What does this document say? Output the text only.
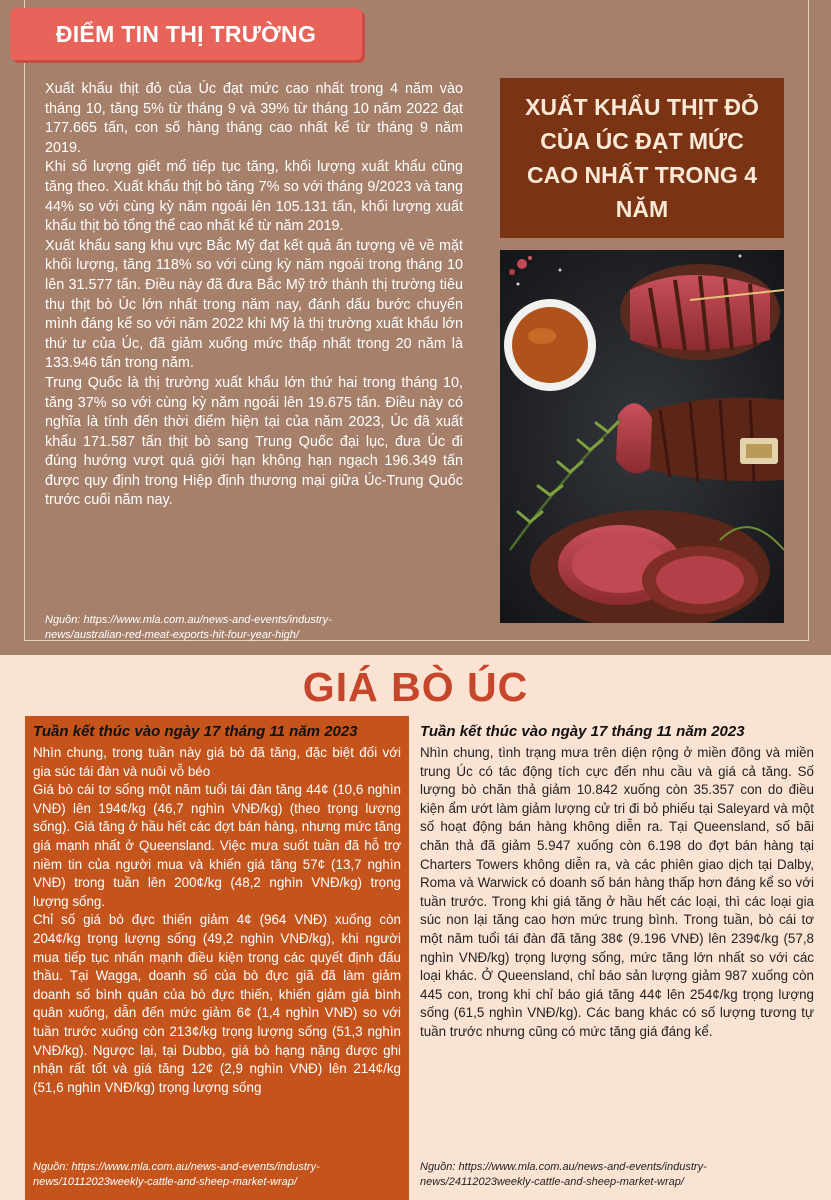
ĐIỂM TIN THỊ TRƯỜNG

Xuất khẩu thịt đỏ của Úc đạt mức cao nhất trong 4 năm vào tháng 10, tăng 5% từ tháng 9 và 39% từ tháng 10 năm 2022 đạt 177.665 tấn, con số hàng tháng cao nhất kể từ tháng 9 năm 2019.

Khi số lượng giết mổ tiếp tục tăng, khối lượng xuất khẩu cũng tăng theo. Xuất khẩu thịt bò tăng 7% so với tháng 9/2023 và tang 44% so với cùng kỳ năm ngoái lên 105.131 tấn, khối lượng xuất khẩu thịt bò tổng thể cao nhất kể từ năm 2019.

Xuất khẩu sang khu vực Bắc Mỹ đạt kết quả ấn tượng về về mặt khối lượng, tăng 118% so với cùng kỳ năm ngoái trong tháng 10 lên 31.577 tấn. Điều này đã đưa Bắc Mỹ trở thành thị trường tiêu thụ thịt bò Úc lớn nhất trong năm nay, đánh dấu bước chuyển mình đáng kể so với năm 2022 khi Mỹ là thị trường xuất khẩu lớn thứ tư của Úc, đã giảm xuống mức thấp nhất trong 20 năm là 133.946 tấn trong năm.

Trung Quốc là thị trường xuất khẩu lớn thứ hai trong tháng 10, tăng 37% so với cùng kỳ năm ngoái lên 19.675 tấn. Điều này có nghĩa là tính đến thời điểm hiện tại của năm 2023, Úc đã xuất khẩu 171.587 tấn thịt bò sang Trung Quốc đại lục, đưa Úc đi đúng hướng vượt quá giới hạn không hạn ngạch 196.349 tấn được quy định trong Hiệp định thương mại giữa Úc-Trung Quốc trước cuối năm nay.

Nguồn: https://www.mla.com.au/news-and-events/industry-
news/australian-red-meat-exports-hit-four-year-high/
XUẤT KHẨU THỊT ĐỎ CỦA ÚC ĐẠT MỨC CAO NHẤT TRONG 4 NĂM
GIÁ BÒ ÚC
Tuần kết thúc vào ngày 17 tháng 11 năm 2023

Nhìn chung, trong tuần này giá bò đã tăng, đặc biệt đối với gia súc tái đàn và nuôi vỗ béo

Giá bò cái tơ sống một năm tuổi tái đàn tăng 44¢ (10,6 nghìn VNĐ) lên 194¢/kg (46,7 nghìn VNĐ/kg) (theo trọng lượng sống). Giá tăng ở hầu hết các đợt bán hàng, nhưng mức tăng giá mạnh nhất ở Queensland. Việc mưa suốt tuần đã hỗ trợ niềm tin của người mua và khiến giá tăng 57¢ (13,7 nghìn VNĐ) trong tuần lên 200¢/kg (48,2 nghìn VNĐ/kg) trọng lượng sống.

Chỉ số giá bò đực thiến giảm 4¢ (964 VNĐ) xuống còn 204¢/kg trọng lượng sống (49,2 nghìn VNĐ/kg), khi người mua tiếp tục nhấn mạnh điều kiện trong các quyết định đấu thầu. Tại Wagga, doanh số của bò đực giã đã làm giảm doanh số bình quân của bò đực thiến, khiến giảm giá bình quân xuống, dẫn đến mức giảm 6¢ (1,4 nghìn VNĐ) so với tuần trước xuống còn 213¢/kg trọng lượng sống (51,3 nghìn VNĐ/kg). Ngược lại, tại Dubbo, giá bò hạng nặng được ghi nhận rất tốt và giá tăng 12¢ (2,9 nghìn VNĐ) lên 214¢/kg (51,6 nghìn VNĐ/kg) trọng lượng sống

Nguồn: https://www.mla.com.au/news-and-events/industry-
news/10112023weekly-cattle-and-sheep-market-wrap/
Tuần kết thúc vào ngày 17 tháng 11 năm 2023

Nhìn chung, tình trạng mưa trên diện rộng ở miền đông và miền trung Úc có tác động tích cực đến nhu cầu và giá cả tăng. Số lượng bò chăn thả giảm 10.842 xuống còn 35.357 con do điều kiện ẩm ướt làm giảm lượng cử tri đi bỏ phiếu tại Saleyard và một số hoạt động bán hàng không diễn ra. Tại Queensland, số bãi chăn thả đã giảm 5.947 xuống còn 6.198 do đợt bán hàng tại Charters Towers không diễn ra, và các phiên giao dịch tại Dalby, Roma và Warwick có doanh số bán hàng thấp hơn đáng kể so với tuần trước. Trong khi giá tăng ở hầu hết các loại, thì các loại gia súc non lại tăng cao hơn mức trung bình. Trong tuần, bò cái tơ một năm tuổi tái đàn đã tăng 38¢ (9.196 VNĐ) lên 239¢/kg (57,8 nghìn VNĐ/kg) trọng lượng sống, mức tăng lớn nhất so với các loại khác. Ở Queensland, chỉ báo sản lượng giảm 987 xuống còn 445 con, trong khi chỉ báo giá tăng 44¢ lên 254¢/kg trọng lượng sống (61,5 nghìn VNĐ/kg). Các bang khác có số lượng tương tự tuần trước nhưng cũng có mức tăng giá đáng kể.

Nguồn: https://www.mla.com.au/news-and-events/industry-
news/24112023weekly-cattle-and-sheep-market-wrap/
